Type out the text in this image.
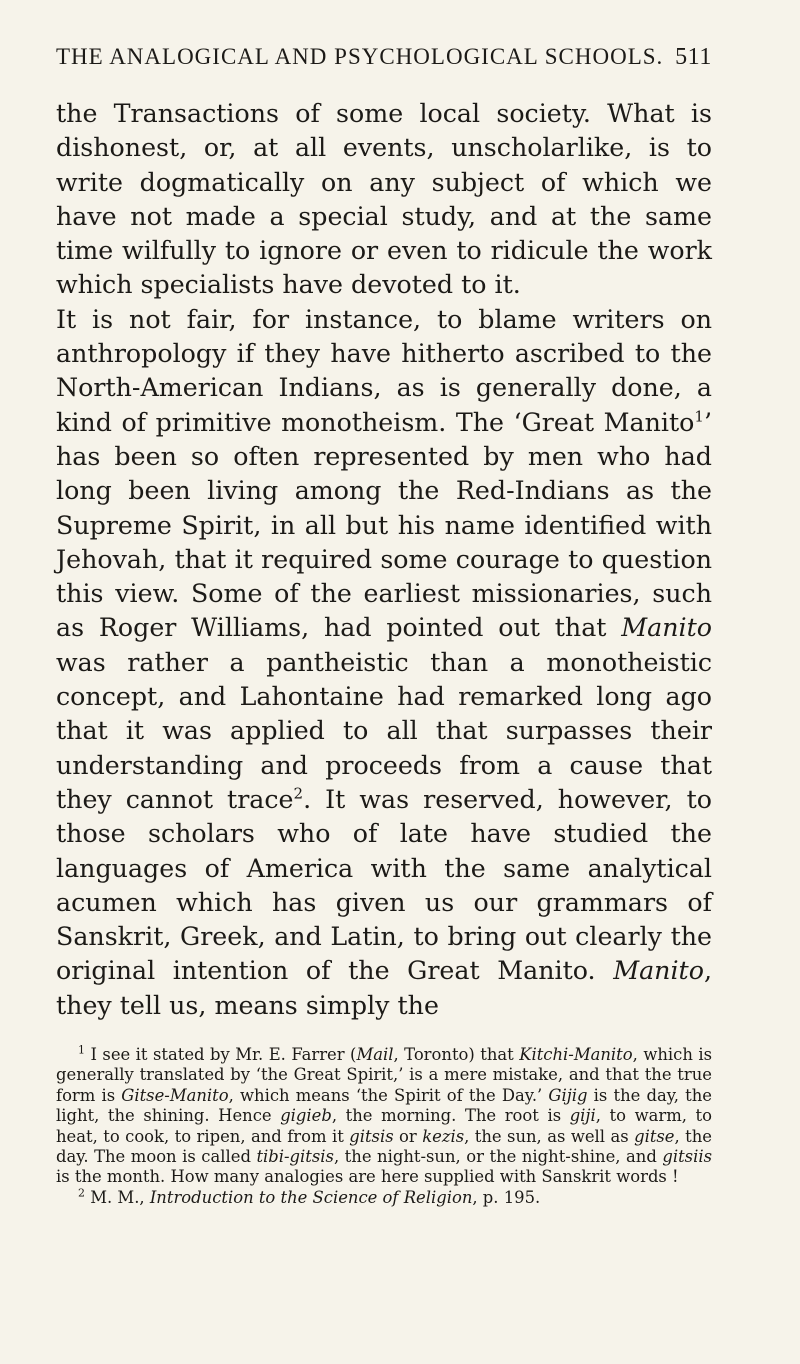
THE ANALOGICAL AND PSYCHOLOGICAL SCHOOLS. 511

the Transactions of some local society. What is dishonest, or, at all events, unscholarlike, is to write dogmatically on any subject of which we have not made a special study, and at the same time wilfully to ignore or even to ridicule the work which specialists have devoted to it.

It is not fair, for instance, to blame writers on anthropology if they have hitherto ascribed to the North-American Indians, as is generally done, a kind of primitive monotheism. The ‘Great Manito$^1$’ has been so often represented by men who had long been living among the Red-Indians as the Supreme Spirit, in all but his name identified with Jehovah, that it required some courage to question this view. Some of the earliest missionaries, such as Roger Williams, had pointed out that Manito was rather a pantheistic than a monotheistic concept, and Lahontaine had remarked long ago that it was applied to all that surpasses their understanding and proceeds from a cause that they cannot trace$^2$. It was reserved, however, to those scholars who of late have studied the languages of America with the same analytical acumen which has given us our grammars of Sanskrit, Greek, and Latin, to bring out clearly the original intention of the Great Manito. Manito, they tell us, means simply the

$^1$ I see it stated by Mr. E. Farrer (Mail, Toronto) that Kitchi-Manito, which is generally translated by ‘the Great Spirit,’ is a mere mistake, and that the true form is Gitse-Manito, which means ‘the Spirit of the Day.’ Gijig is the day, the light, the shining. Hence gigieb, the morning. The root is giji, to warm, to heat, to cook, to ripen, and from it gitsis or kezis, the sun, as well as gitse, the day. The moon is called tibi-gitsis, the night-sun, or the night-shine, and gitsiis is the month. How many analogies are here supplied with Sanskrit words !

$^2$ M. M., Introduction to the Science of Religion, p. 195.
